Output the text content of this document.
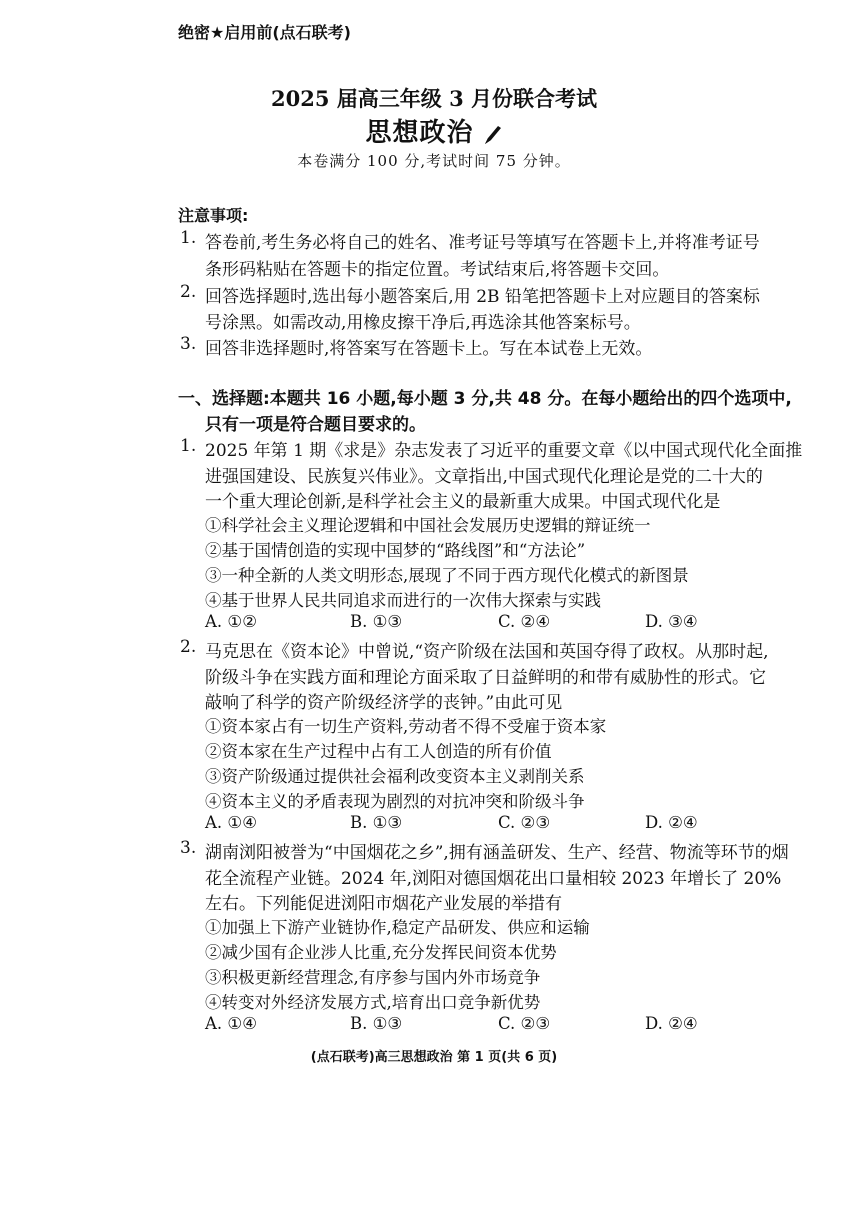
绝密★启用前(点石联考)
2025 届高三年级 3 月份联合考试
思想政治
本卷满分 100 分,考试时间 75 分钟。
注意事项:
1. 答卷前,考生务必将自己的姓名、准考证号等填写在答题卡上,并将准考证号
条形码粘贴在答题卡的指定位置。考试结束后,将答题卡交回。
2. 回答选择题时,选出每小题答案后,用 2B 铅笔把答题卡上对应题目的答案标
号涂黑。如需改动,用橡皮擦干净后,再选涂其他答案标号。
3. 回答非选择题时,将答案写在答题卡上。写在本试卷上无效。
一、选择题:本题共 16 小题,每小题 3 分,共 48 分。在每小题给出的四个选项中,
只有一项是符合题目要求的。
1. 2025 年第 1 期《求是》杂志发表了习近平的重要文章《以中国式现代化全面推
进强国建设、民族复兴伟业》。文章指出,中国式现代化理论是党的二十大的
一个重大理论创新,是科学社会主义的最新重大成果。中国式现代化是
①科学社会主义理论逻辑和中国社会发展历史逻辑的辩证统一
②基于国情创造的实现中国梦的“路线图”和“方法论”
③一种全新的人类文明形态,展现了不同于西方现代化模式的新图景
④基于世界人民共同追求而进行的一次伟大探索与实践
A. ①②	B. ①③	C. ②④	D. ③④
2. 马克思在《资本论》中曾说,“资产阶级在法国和英国夺得了政权。从那时起,
阶级斗争在实践方面和理论方面采取了日益鲜明的和带有威胁性的形式。它
敲响了科学的资产阶级经济学的丧钟。”由此可见
①资本家占有一切生产资料,劳动者不得不受雇于资本家
②资本家在生产过程中占有工人创造的所有价值
③资产阶级通过提供社会福利改变资本主义剥削关系
④资本主义的矛盾表现为剧烈的对抗冲突和阶级斗争
A. ①④	B. ①③	C. ②③	D. ②④
3. 湖南浏阳被誉为“中国烟花之乡”,拥有涵盖研发、生产、经营、物流等环节的烟
花全流程产业链。2024 年,浏阳对德国烟花出口量相较 2023 年增长了 20%
左右。下列能促进浏阳市烟花产业发展的举措有
①加强上下游产业链协作,稳定产品研发、供应和运输
②减少国有企业涉人比重,充分发挥民间资本优势
③积极更新经营理念,有序参与国内外市场竞争
④转变对外经济发展方式,培育出口竞争新优势
A. ①④	B. ①③	C. ②③	D. ②④
(点石联考)高三思想政治 第 1 页(共 6 页)
